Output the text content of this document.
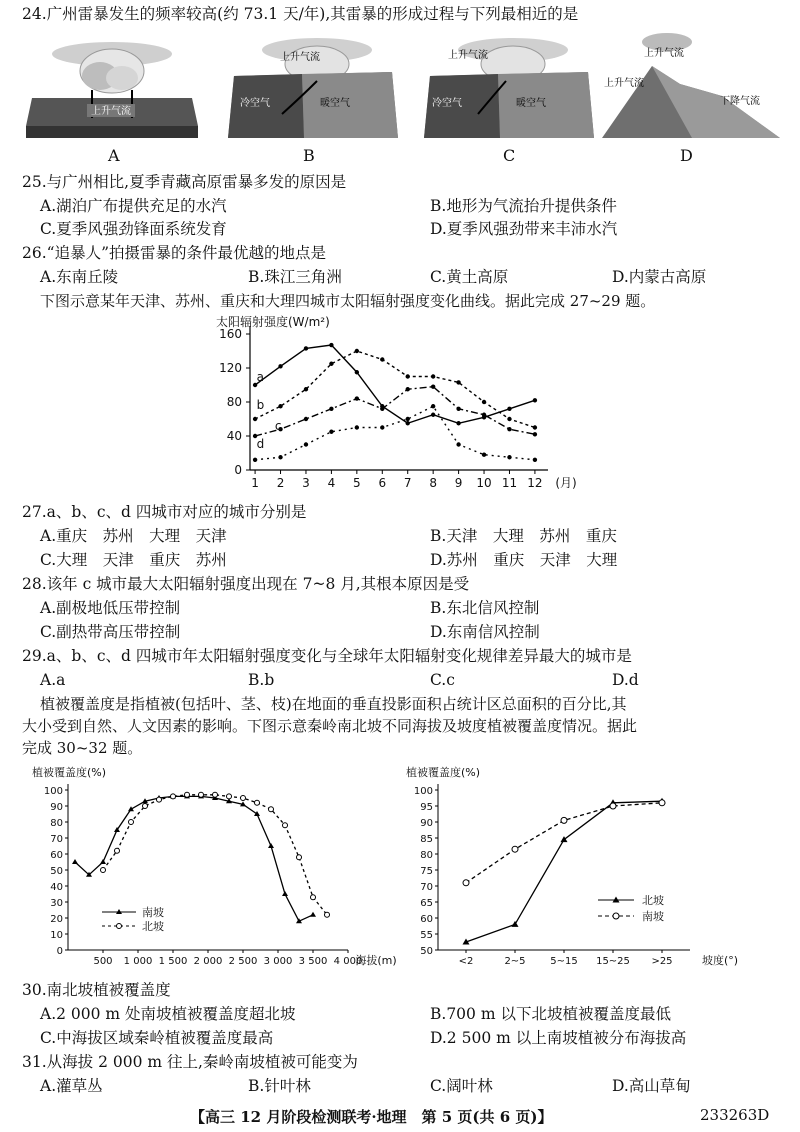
24.广州雷暴发生的频率较高(约 73.1 天/年),其雷暴的形成过程与下列最相近的是
上升气流
A
上升气流
冷空气	暖空气
B
上升气流
冷空气	暖空气
C
上升气流
上升气流
下降气流
D
25.与广州相比,夏季青藏高原雷暴多发的原因是
A.湖泊广布提供充足的水汽	B.地形为气流抬升提供条件
C.夏季风强劲锋面系统发育	D.夏季风强劲带来丰沛水汽
26.“追暴人”拍摄雷暴的条件最优越的地点是
A.东南丘陵	B.珠江三角洲	C.黄土高原	D.内蒙古高原
下图示意某年天津、苏州、重庆和大理四城市太阳辐射强度变化曲线。据此完成 27~29 题。
太阳辐射强度(W/m²)
0
40
80
120
160
1 2 3 4 5 6 7 8 9 10 11 12 (月)
a
b
c
d
27.a、b、c、d 四城市对应的城市分别是
A.重庆　苏州　大理　天津	B.天津　大理　苏州　重庆
C.大理　天津　重庆　苏州	D.苏州　重庆　天津　大理
28.该年 c 城市最大太阳辐射强度出现在 7~8 月,其根本原因是受
A.副极地低压带控制	B.东北信风控制
C.副热带高压带控制	D.东南信风控制
29.a、b、c、d 四城市年太阳辐射强度变化与全球年太阳辐射变化规律差异最大的城市是
A.a	B.b	C.c	D.d
植被覆盖度是指植被(包括叶、茎、枝)在地面的垂直投影面积占统计区总面积的百分比,其
大小受到自然、人文因素的影响。下图示意秦岭南北坡不同海拔及坡度植被覆盖度情况。据此
完成 30~32 题。
植被覆盖度(%)
0
10
20
30
40
50
60
70
80
90
100
500 1 000 1 500 2 000 2 500 3 000 3 500 4 000
海拔(m)
南坡
北坡
植被覆盖度(%)
50
55
60
65
70
75
80
85
90
95
100
<2	2~5 5~15 15~25 >25	坡度(°)
北坡
南坡
30.南北坡植被覆盖度
A.2 000 m 处南坡植被覆盖度超北坡	B.700 m 以下北坡植被覆盖度最低
C.中海拔区域秦岭植被覆盖度最高	D.2 500 m 以上南坡植被分布海拔高
31.从海拔 2 000 m 往上,秦岭南坡植被可能变为
A.灌草丛	B.针叶林	C.阔叶林	D.高山草甸
【高三 12 月阶段检测联考·地理　第 5 页(共 6 页)】	233263D
